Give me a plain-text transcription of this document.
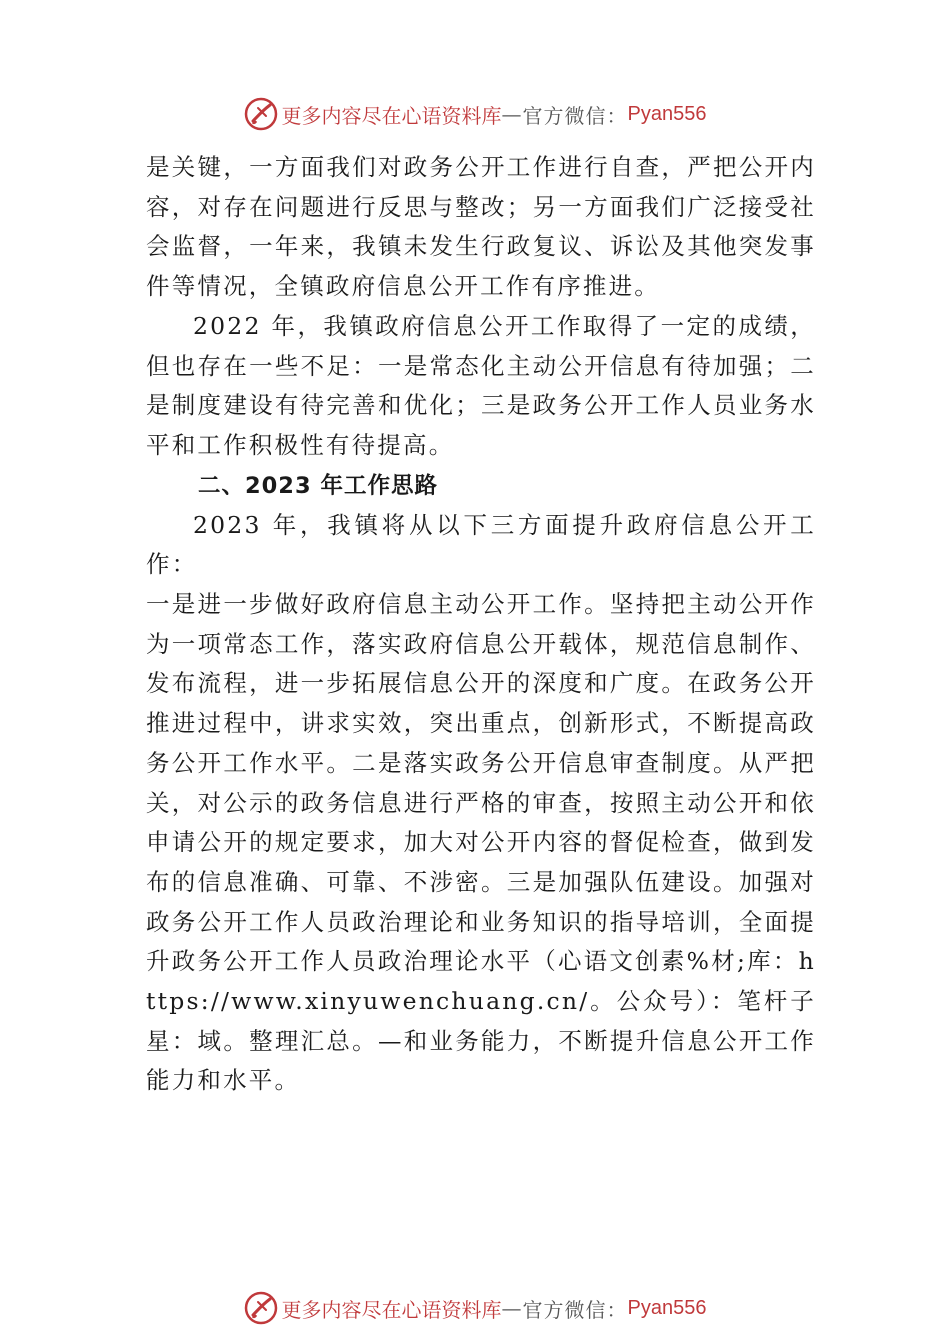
更多内容尽在心语资料库 — 官方微信： Pyan556

是关键，一方面我们对政务公开工作进行自查，严把公开内容，对存在问题进行反思与整改；另一方面我们广泛接受社会监督，一年来，我镇未发生行政复议、诉讼及其他突发事件等情况，全镇政府信息公开工作有序推进。

2022 年，我镇政府信息公开工作取得了一定的成绩，但也存在一些不足：一是常态化主动公开信息有待加强；二是制度建设有待完善和优化；三是政务公开工作人员业务水平和工作积极性有待提高。

二、2023 年工作思路

2023 年，我镇将从以下三方面提升政府信息公开工作：

一是进一步做好政府信息主动公开工作。坚持把主动公开作为一项常态工作，落实政府信息公开载体，规范信息制作、 发布流程，进一步拓展信息公开的深度和广度。在政务公开推进过程中，讲求实效，突出重点，创新形式，不断提高政务公开工作水平。二是落实政务公开信息审查制度。从严把关，对公示的政务信息进行严格的审查，按照主动公开和依申请公开的规定要求，加大对公开内容的督促检查，做到发布的信息准确、可靠、不涉密。三是加强队伍建设。加强对政务公开工作人员政治理论和业务知识的指导培训，全面提升政务公开工作人员政治理论水平（心语文创素%材;库：https://www.xinyuwenchuang.cn/。公众号）：笔杆子星：域。整理汇总。—和业务能力，不断提升信息公开工作能力和水平。

更多内容尽在心语资料库 — 官方微信： Pyan556
